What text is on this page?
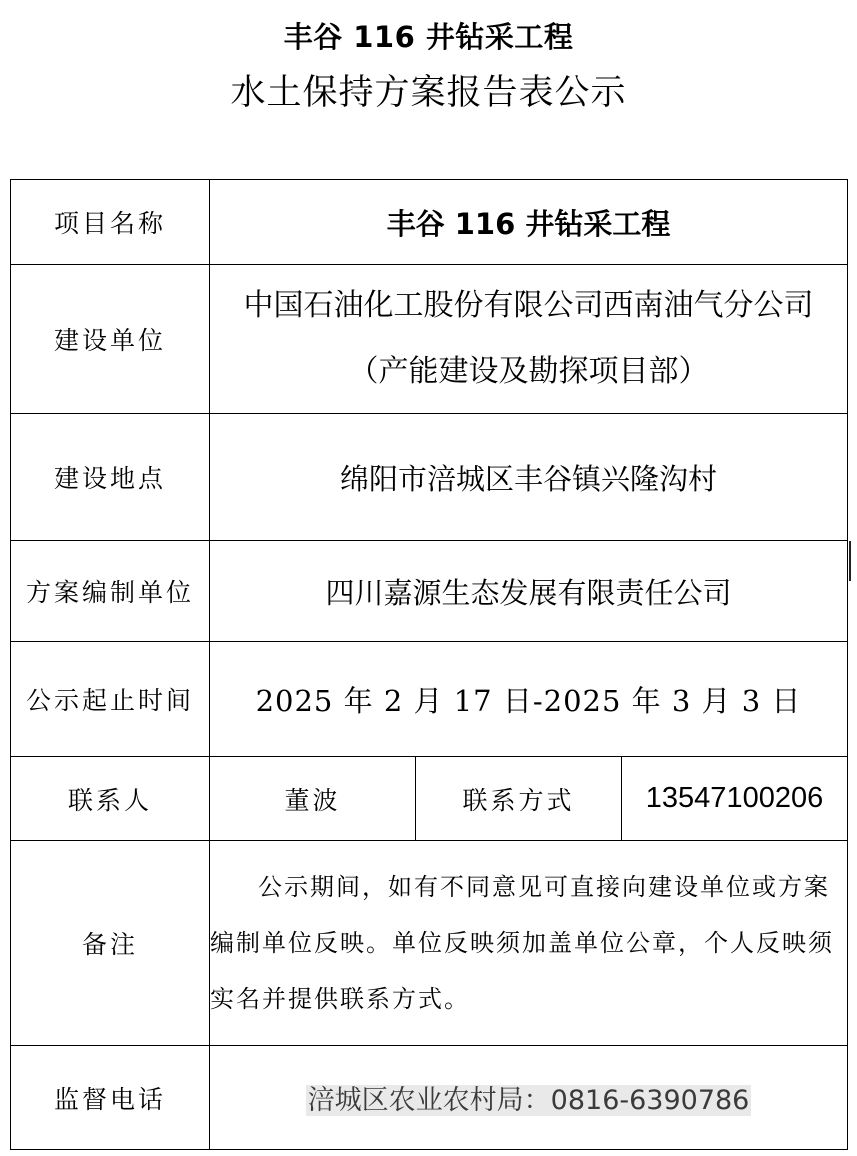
丰谷 116 井钻采工程
水土保持方案报告表公示
项目名称	丰谷 116 井钻采工程		
建设单位	中国石油化工股份有限公司西南油气分公司
（产能建设及勘探项目部）		

建设地点	绵阳市涪城区丰谷镇兴隆沟村		
方案编制单位	四川嘉源生态发展有限责任公司		
公示起止时间	2025 年 2 月 17 日-2025 年 3 月 3 日		
联系人	董波	联系方式	13547100206
备注	公示期间，如有不同意见可直接向建设单位或方案编制单位反映。单位反映须加盖单位公章，个人反映须实名并提供联系方式。		
监督电话	涪城区农业农村局：0816-6390786		
